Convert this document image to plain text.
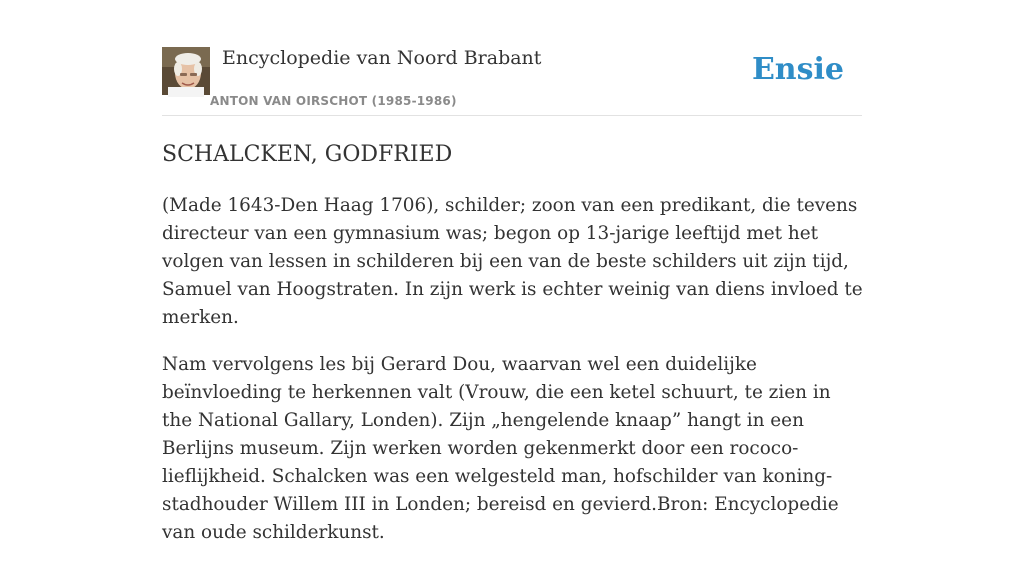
Encyclopedie van Noord Brabant
ANTON VAN OIRSCHOT (1985-1986)
Ensie
SCHALCKEN, GODFRIED

(Made 1643-Den Haag 1706), schilder; zoon van een predikant, die tevens directeur van een gymnasium was; begon op 13-jarige leeftijd met het volgen van lessen in schilderen bij een van de beste schilders uit zijn tijd, Samuel van Hoogstraten. In zijn werk is echter weinig van diens invloed te merken.

Nam vervolgens les bij Gerard Dou, waarvan wel een duidelijke beïnvloeding te herkennen valt (Vrouw, die een ketel schuurt, te zien in the National Gallary, Londen). Zijn „hengelende knaap” hangt in een Berlijns museum. Zijn werken worden gekenmerkt door een rococo-lieflijkheid. Schalcken was een welgesteld man, hofschilder van koning-stadhouder Willem III in Londen; bereisd en gevierd.Bron: Encyclopedie van oude schilderkunst.
